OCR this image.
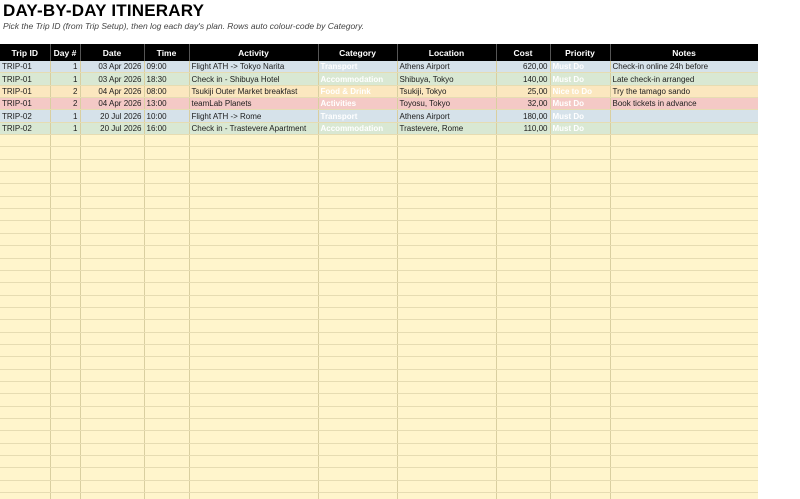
DAY-BY-DAY ITINERARY
Pick the Trip ID (from Trip Setup), then log each day's plan. Rows auto colour-code by Category.
Trip ID	Day #	Date	Time	Activity	Category	Location	Cost	Priority	Notes
TRIP-01	1	03 Apr 2026	09:00	Flight ATH -> Tokyo Narita	Transport	Athens Airport	620,00	Must Do	Check-in online 24h before
TRIP-01	1	03 Apr 2026	18:30	Check in - Shibuya Hotel	Accommodation	Shibuya, Tokyo	140,00	Must Do	Late check-in arranged
TRIP-01	2	04 Apr 2026	08:00	Tsukiji Outer Market breakfast	Food & Drink	Tsukiji, Tokyo	25,00	Nice to Do	Try the tamago sando
TRIP-01	2	04 Apr 2026	13:00	teamLab Planets	Activities	Toyosu, Tokyo	32,00	Must Do	Book tickets in advance
TRIP-02	1	20 Jul 2026	10:00	Flight ATH -> Rome	Transport	Athens Airport	180,00	Must Do	
TRIP-02	1	20 Jul 2026	16:00	Check in - Trastevere Apartment	Accommodation	Trastevere, Rome	110,00	Must Do	
